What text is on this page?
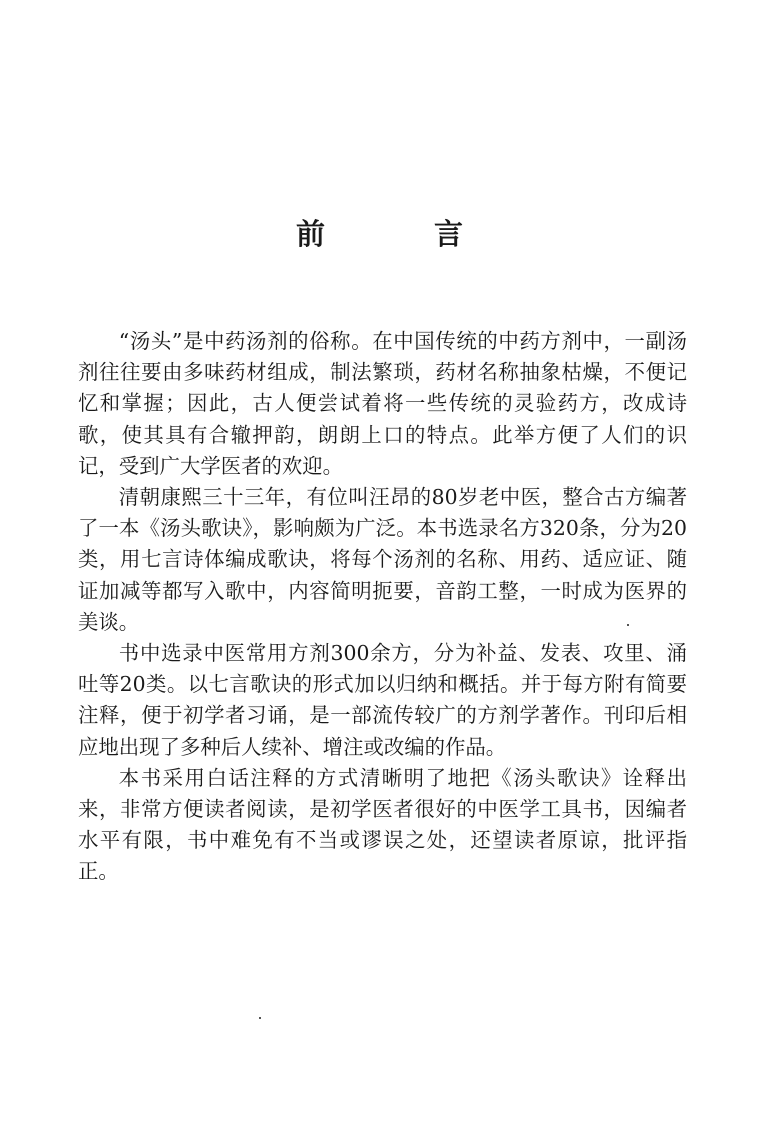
前　言

“汤头”是中药汤剂的俗称。在中国传统的中药方剂中，一副汤剂往往要由多味药材组成，制法繁琐，药材名称抽象枯燥，不便记忆和掌握；因此，古人便尝试着将一些传统的灵验药方，改成诗歌，使其具有合辙押韵，朗朗上口的特点。此举方便了人们的识记，受到广大学医者的欢迎。

清朝康熙三十三年，有位叫汪昂的80岁老中医，整合古方编著了一本《汤头歌诀》，影响颇为广泛。本书选录名方320条，分为20类，用七言诗体编成歌诀，将每个汤剂的名称、用药、适应证、随证加减等都写入歌中，内容简明扼要，音韵工整，一时成为医界的美谈。

书中选录中医常用方剂300余方，分为补益、发表、攻里、涌吐等20类。以七言歌诀的形式加以归纳和概括。并于每方附有简要注释，便于初学者习诵，是一部流传较广的方剂学著作。刊印后相应地出现了多种后人续补、增注或改编的作品。

本书采用白话注释的方式清晰明了地把《汤头歌诀》诠释出来，非常方便读者阅读，是初学医者很好的中医学工具书，因编者水平有限，书中难免有不当或谬误之处，还望读者原谅，批评指正。
